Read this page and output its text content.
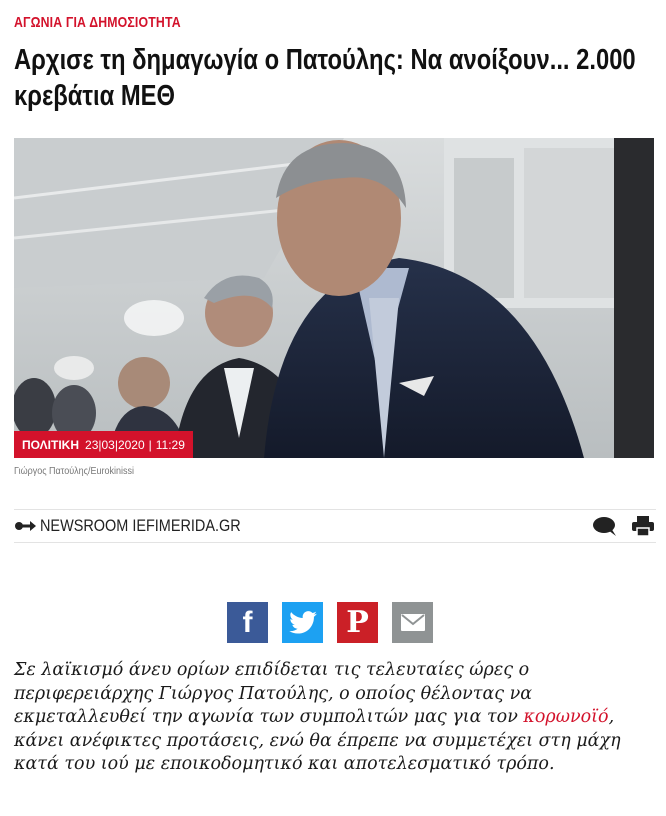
ΑΓΩΝΙΑ ΓΙΑ ΔΗΜΟΣΙΟΤΗΤΑ
Αρχισε τη δημαγωγία ο Πατούλης: Να ανοίξουν... 2.000 κρεβάτια ΜΕΘ
ΠΟΛΙΤΙΚΗ 23|03|2020 | 11:29
Γιώργος Πατούλης/Eurokinissi
NEWSROOM IEFIMERIDA.GR
f	P

Σε λαϊκισμό άνευ ορίων επιδίδεται τις τελευταίες ώρες ο περιφερειάρχης Γιώργος Πατούλης, ο οποίος θέλοντας να εκμεταλλευθεί την αγωνία των συμπολιτών μας για τον κορωνοϊό, κάνει ανέφικτες προτάσεις, ενώ θα έπρεπε να συμμετέχει στη μάχη κατά του ιού με εποικοδομητικό και αποτελεσματικό τρόπο.
